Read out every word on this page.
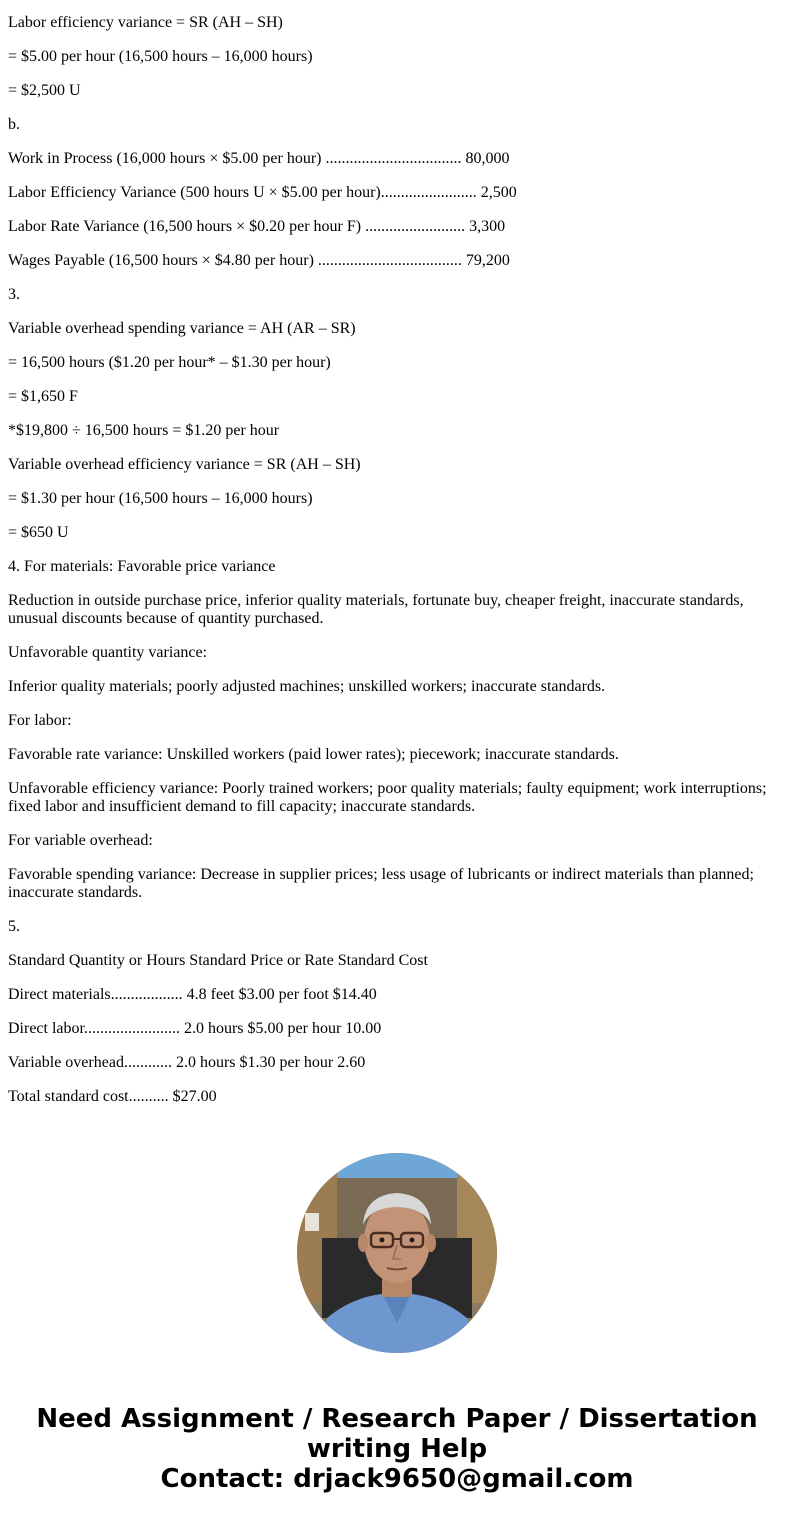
Labor efficiency variance = SR (AH – SH)

= $5.00 per hour (16,500 hours – 16,000 hours)

= $2,500 U

b.

Work in Process (16,000 hours × $5.00 per hour) .................................. 80,000

Labor Efficiency Variance (500 hours U × $5.00 per hour)........................ 2,500

Labor Rate Variance (16,500 hours × $0.20 per hour F) ......................... 3,300

Wages Payable (16,500 hours × $4.80 per hour) .................................... 79,200

3.

Variable overhead spending variance = AH (AR – SR)

= 16,500 hours ($1.20 per hour* – $1.30 per hour)

= $1,650 F

*$19,800 ÷ 16,500 hours = $1.20 per hour

Variable overhead efficiency variance = SR (AH – SH)

= $1.30 per hour (16,500 hours – 16,000 hours)

= $650 U

4. For materials: Favorable price variance

Reduction in outside purchase price, inferior quality materials, fortunate buy, cheaper freight, inaccurate standards, unusual discounts because of quantity purchased.

Unfavorable quantity variance:

Inferior quality materials; poorly adjusted machines; unskilled workers; inaccurate standards.

For labor:

Favorable rate variance: Unskilled workers (paid lower rates); piecework; inaccurate standards.

Unfavorable efficiency variance: Poorly trained workers; poor quality materials; faulty equipment; work interruptions; fixed labor and insufficient demand to fill capacity; inaccurate standards.

For variable overhead:

Favorable spending variance: Decrease in supplier prices; less usage of lubricants or indirect materials than planned; inaccurate standards.

5.

Standard Quantity or Hours Standard Price or Rate Standard Cost

Direct materials.................. 4.8 feet $3.00 per foot $14.40

Direct labor........................ 2.0 hours $5.00 per hour 10.00

Variable overhead............ 2.0 hours $1.30 per hour 2.60

Total standard cost.......... $27.00

Need Assignment / Research Paper / Dissertation
writing Help
Contact: drjack9650@gmail.com
